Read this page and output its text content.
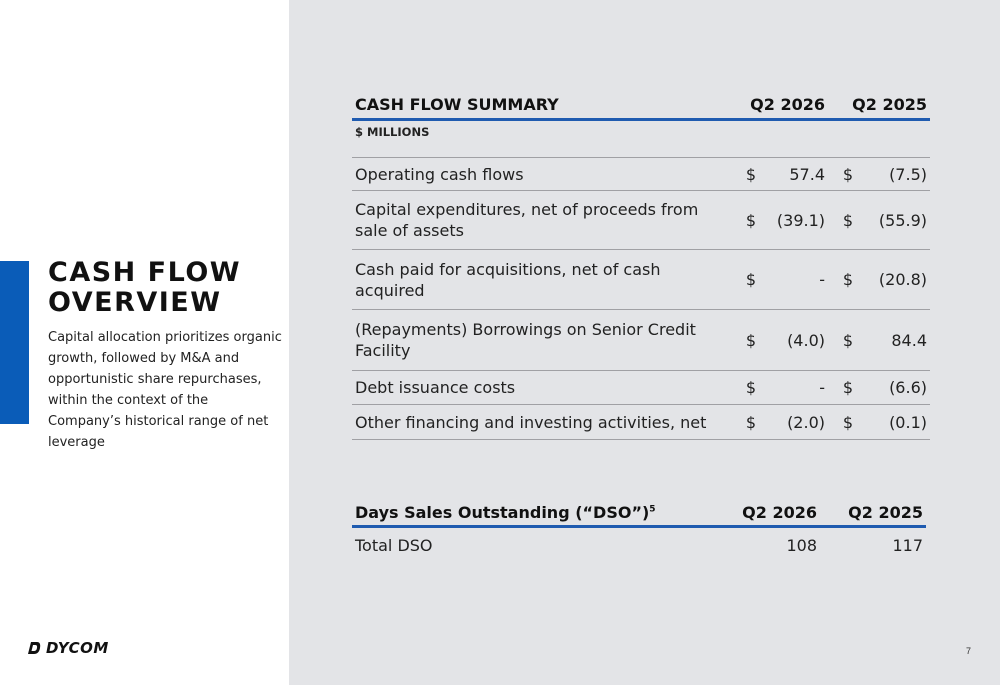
CASH FLOW
OVERVIEW

Capital allocation prioritizes organic growth, followed by M&A and opportunistic share repurchases, within the context of the Company’s historical range of net leverage

DYCOM	7
CASH FLOW SUMMARY	Q2 2026		Q2 2025	
$ MILLIONS				
Operating cash flows	$	57.4	$	(7.5)
Capital expenditures, net of proceeds from sale of assets	$	(39.1)	$	(55.9)
Cash paid for acquisitions, net of cash acquired	$	-	$	(20.8)
(Repayments) Borrowings on Senior Credit Facility	$	(4.0)	$	84.4
Debt issuance costs	$	-	$	(6.6)
Other financing and investing activities, net	$	(2.0)	$	(0.1)
Days Sales Outstanding (“DSO”)$^5$	Q2 2026	Q2 2025
Total DSO	108	117
